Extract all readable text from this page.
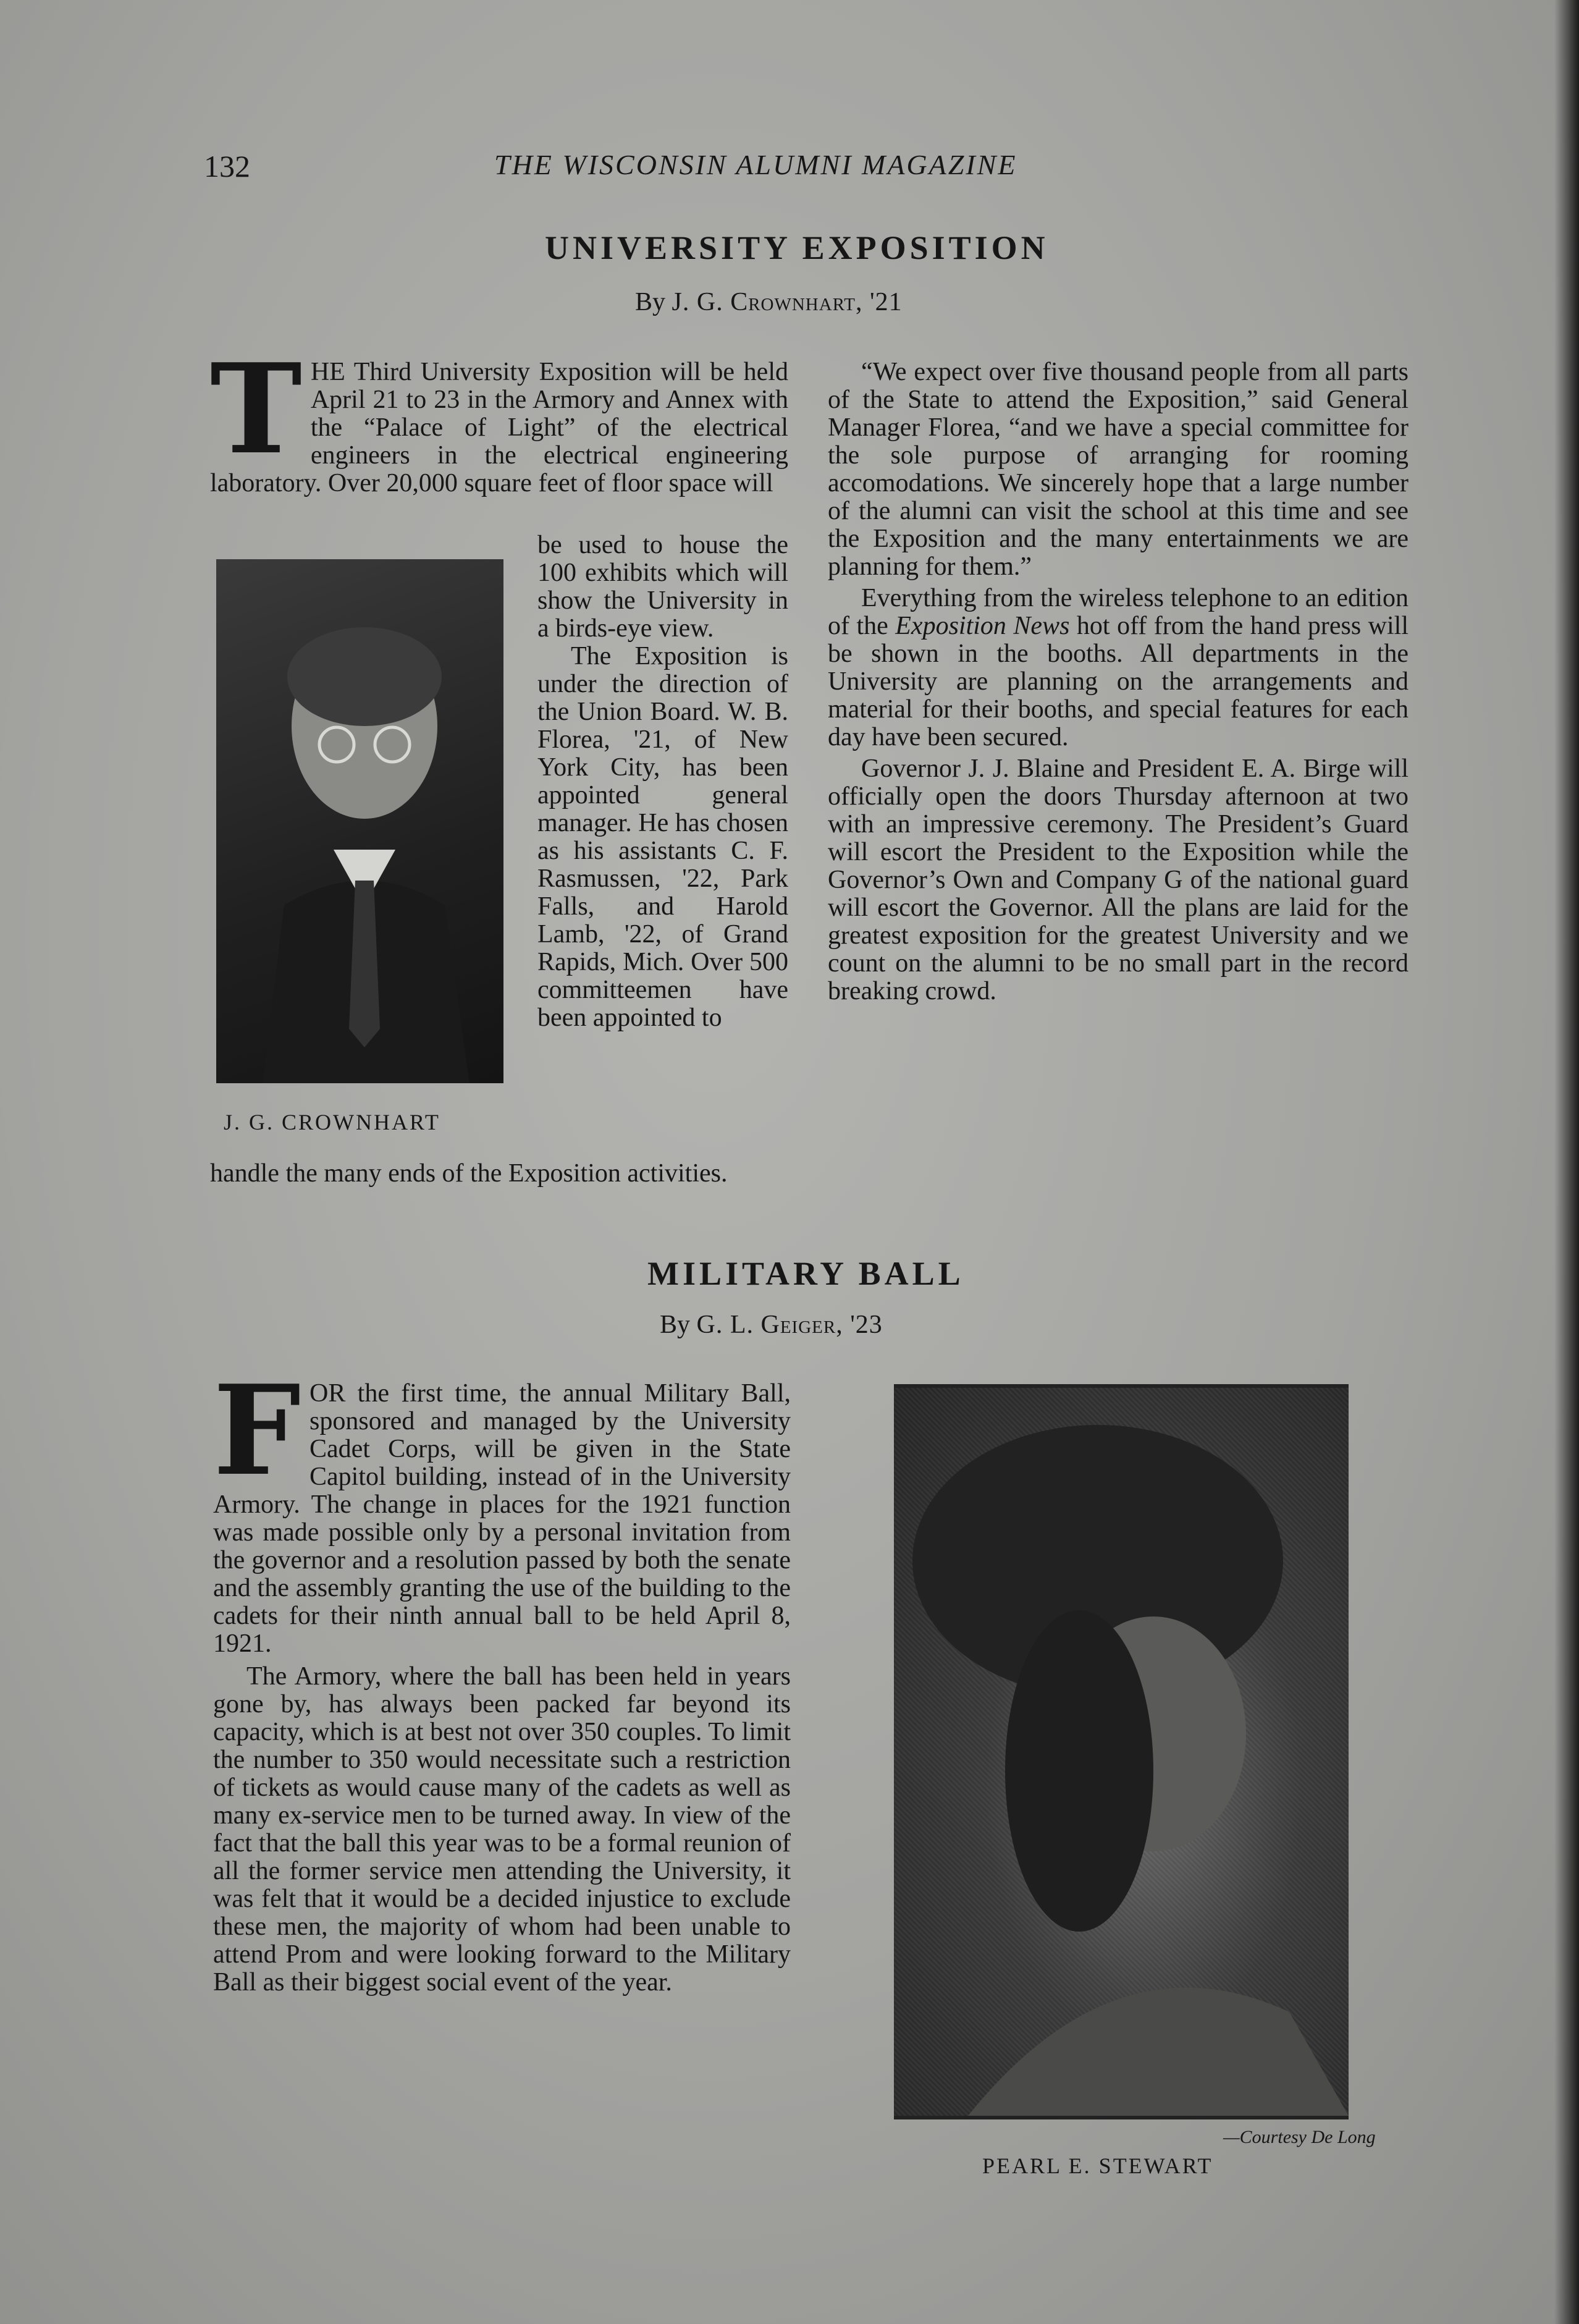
132	THE WISCONSIN ALUMNI MAGAZINE
UNIVERSITY EXPOSITION
By J. G. Crownhart, '21

THE Third University Exposition will be held April 21 to 23 in the Armory and Annex with the “Palace of Light” of the electrical engineers in the electrical engineering laboratory. Over 20,000 square feet of floor space will

J. G. CROWNHART

be used to house the 100 exhibits which will show the University in a birds-eye view.

The Exposition is under the direction of the Union Board. W. B. Florea, '21, of New York City, has been appointed general manager. He has chosen as his assistants C. F. Rasmussen, '22, Park Falls, and Harold Lamb, '22, of Grand Rapids, Mich. Over 500 committeemen have been appointed to

handle the many ends of the Exposition activities.

“We expect over five thousand people from all parts of the State to attend the Exposition,” said General Manager Florea, “and we have a special committee for the sole purpose of arranging for rooming accomodations. We sincerely hope that a large number of the alumni can visit the school at this time and see the Exposition and the many entertainments we are planning for them.”

Everything from the wireless telephone to an edition of the Exposition News hot off from the hand press will be shown in the booths. All departments in the University are planning on the arrangements and material for their booths, and special features for each day have been secured.

Governor J. J. Blaine and President E. A. Birge will officially open the doors Thursday afternoon at two with an impressive ceremony. The President’s Guard will escort the President to the Exposition while the Governor’s Own and Company G of the national guard will escort the Governor. All the plans are laid for the greatest exposition for the greatest University and we count on the alumni to be no small part in the record breaking crowd.

MILITARY BALL
By G. L. Geiger, '23

FOR the first time, the annual Military Ball, sponsored and managed by the University Cadet Corps, will be given in the State Capitol building, instead of in the University Armory. The change in places for the 1921 function was made possible only by a personal invitation from the governor and a resolution passed by both the senate and the assembly granting the use of the building to the cadets for their ninth annual ball to be held April 8, 1921.

The Armory, where the ball has been held in years gone by, has always been packed far beyond its capacity, which is at best not over 350 couples. To limit the number to 350 would necessitate such a restriction of tickets as would cause many of the cadets as well as many ex-service men to be turned away. In view of the fact that the ball this year was to be a formal reunion of all the former service men attending the University, it was felt that it would be a decided injustice to exclude these men, the majority of whom had been unable to attend Prom and were looking forward to the Military Ball as their biggest social event of the year.

—Courtesy De Long
PEARL E. STEWART
